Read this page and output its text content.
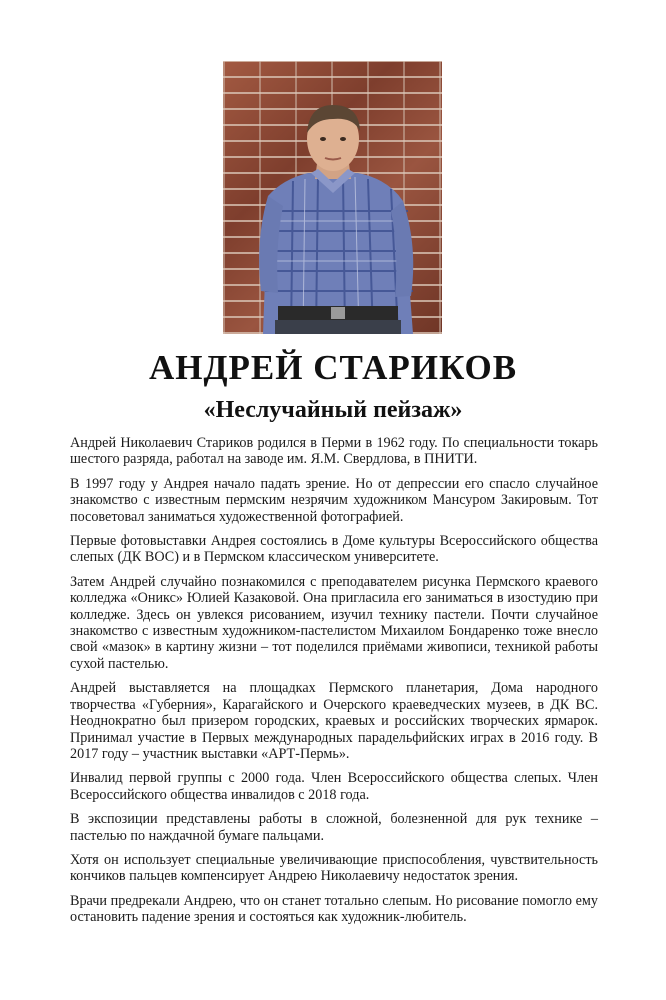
АНДРЕЙ СТАРИКОВ
«Неслучайный пейзаж»

Андрей Николаевич Стариков родился в Перми в 1962 году. По специальности токарь шестого разряда, работал на заводе им. Я.М. Свердлова, в ПНИТИ.

В 1997 году у Андрея начало падать зрение. Но от депрессии его спасло случайное знакомство с известным пермским незрячим художником Мансуром Закировым. Тот посоветовал заниматься художественной фотографией.

Первые фотовыставки Андрея состоялись в Доме культуры Всероссийского общества слепых (ДК ВОС) и в Пермском классическом университете.

Затем Андрей случайно познакомился с преподавателем рисунка Пермского краевого колледжа «Оникс» Юлией Казаковой. Она пригласила его заниматься в изостудию при колледже. Здесь он увлекся рисованием, изучил технику пастели. Почти случайное знакомство с известным художником-пастелистом Михаилом Бондаренко тоже внесло свой «мазок» в картину жизни – тот поделился приёмами живописи, техникой работы сухой пастелью.

Андрей выставляется на площадках Пермского планетария, Дома народного творчества «Губерния», Карагайского и Очерского краеведческих музеев, в ДК ВС. Неоднократно был призером городских, краевых и российских творческих ярмарок. Принимал участие в Первых международных парадельфийских играх в 2016 году. В 2017 году – участник выставки «АРТ-Пермь».

Инвалид первой группы с 2000 года. Член Всероссийского общества слепых. Член Всероссийского общества инвалидов с 2018 года.

В экспозиции представлены работы в сложной, болезненной для рук технике – пастелью по наждачной бумаге пальцами.

Хотя он использует специальные увеличивающие приспособления, чувствительность кончиков пальцев компенсирует Андрею Николаевичу недостаток зрения.

Врачи предрекали Андрею, что он станет тотально слепым. Но рисование помогло ему остановить падение зрения и состояться как художник-любитель.
